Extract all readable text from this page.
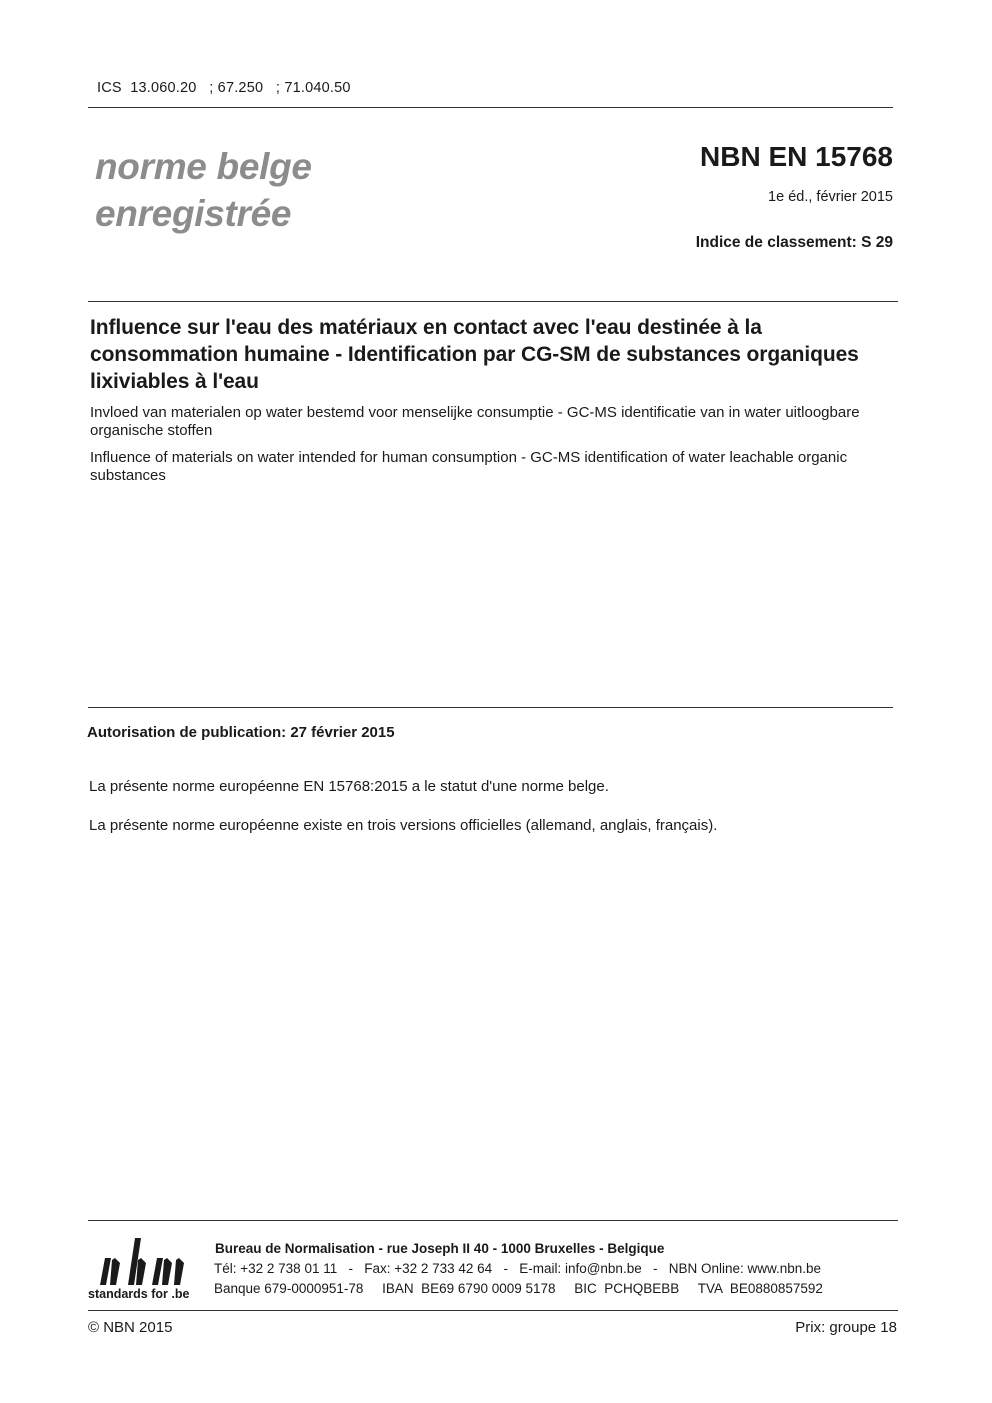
ICS  13.060.20   ; 67.250   ; 71.040.50
norme belge
enregistrée
NBN EN 15768
1e éd., février 2015
Indice de classement: S 29
Influence sur l'eau des matériaux en contact avec l'eau destinée à la consommation humaine - Identification par CG-SM de substances organiques lixiviables à l'eau
Invloed van materialen op water bestemd voor menselijke consumptie - GC-MS identificatie van in water uitloogbare organische stoffen
Influence of materials on water intended for human consumption - GC-MS identification of water leachable organic substances
Autorisation de publication: 27 février 2015
La présente norme européenne EN 15768:2015 a le statut d'une norme belge.
La présente norme européenne existe en trois versions officielles (allemand, anglais, français).
standards for .be
Bureau de Normalisation - rue Joseph II 40 - 1000 Bruxelles - Belgique
Tél: +32 2 738 01 11   -   Fax: +32 2 733 42 64   -   E-mail: info@nbn.be   -   NBN Online: www.nbn.be
Banque 679-0000951-78     IBAN  BE69 6790 0009 5178     BIC  PCHQBEBB     TVA  BE0880857592
© NBN 2015	Prix: groupe 18
